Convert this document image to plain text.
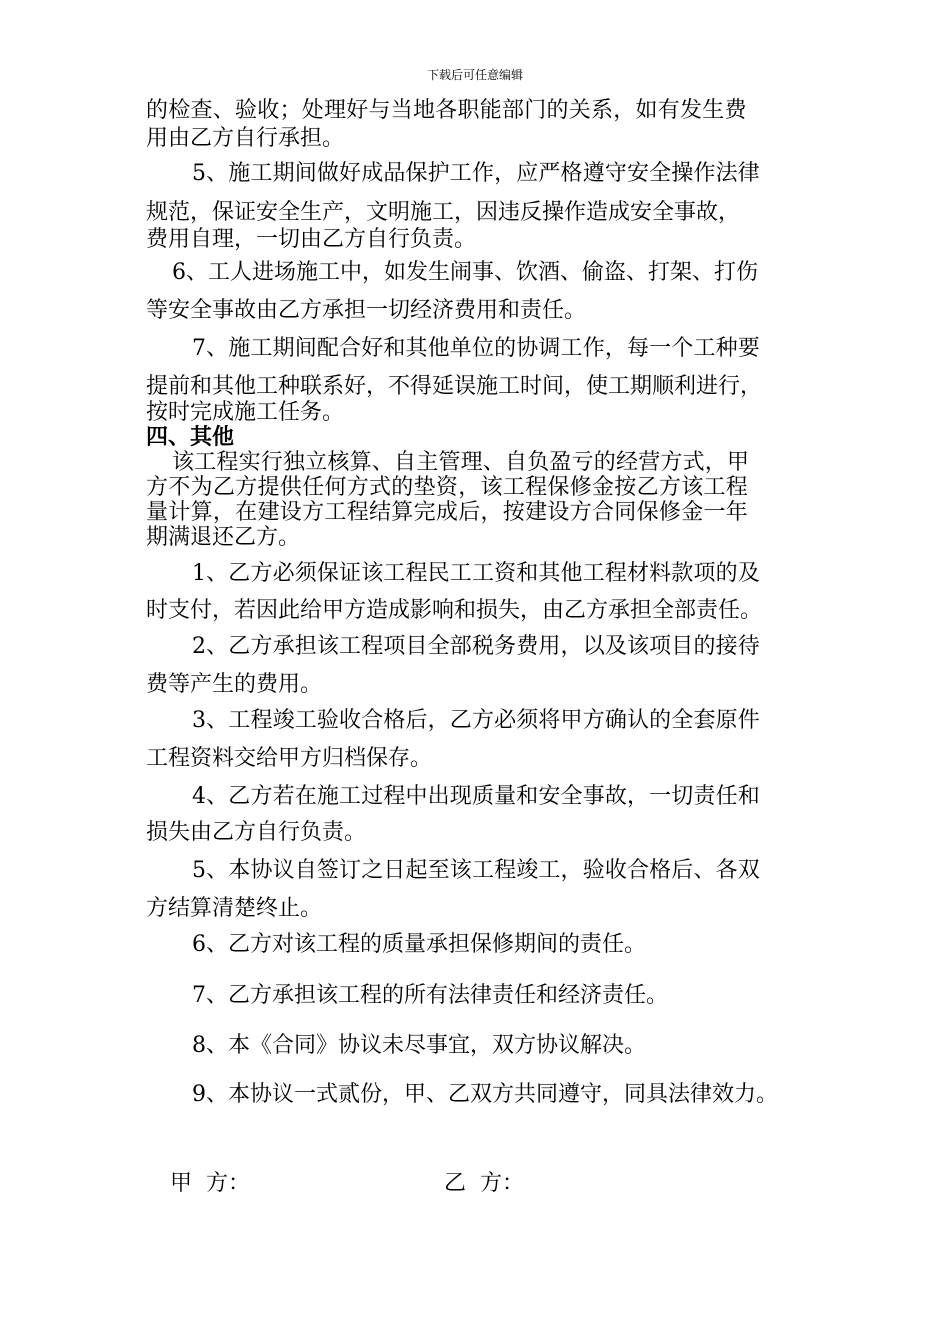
下载后可任意编辑
的检查、验收；处理好与当地各职能部门的关系，如有发生费
用由乙方自行承担。
5、施工期间做好成品保护工作，应严格遵守安全操作法律
规范，保证安全生产，文明施工，因违反操作造成安全事故，
费用自理，一切由乙方自行负责。
6、工人进场施工中，如发生闹事、饮酒、偷盗、打架、打伤
等安全事故由乙方承担一切经济费用和责任。
7、施工期间配合好和其他单位的协调工作，每一个工种要
提前和其他工种联系好，不得延误施工时间，使工期顺利进行，
按时完成施工任务。
四、其他
该工程实行独立核算、自主管理、自负盈亏的经营方式，甲
方不为乙方提供任何方式的垫资，该工程保修金按乙方该工程
量计算，在建设方工程结算完成后，按建设方合同保修金一年
期满退还乙方。
1、乙方必须保证该工程民工工资和其他工程材料款项的及
时支付，若因此给甲方造成影响和损失，由乙方承担全部责任。
2、乙方承担该工程项目全部税务费用，以及该项目的接待
费等产生的费用。
3、工程竣工验收合格后，乙方必须将甲方确认的全套原件
工程资料交给甲方归档保存。
4、乙方若在施工过程中出现质量和安全事故，一切责任和
损失由乙方自行负责。
5、本协议自签订之日起至该工程竣工，验收合格后、各双
方结算清楚终止。
6、乙方对该工程的质量承担保修期间的责任。
7、乙方承担该工程的所有法律责任和经济责任。
8、本《合同》协议未尽事宜，双方协议解决。
9、本协议一式贰份，甲、乙双方共同遵守，同具法律效力。
甲  方：	乙  方：
